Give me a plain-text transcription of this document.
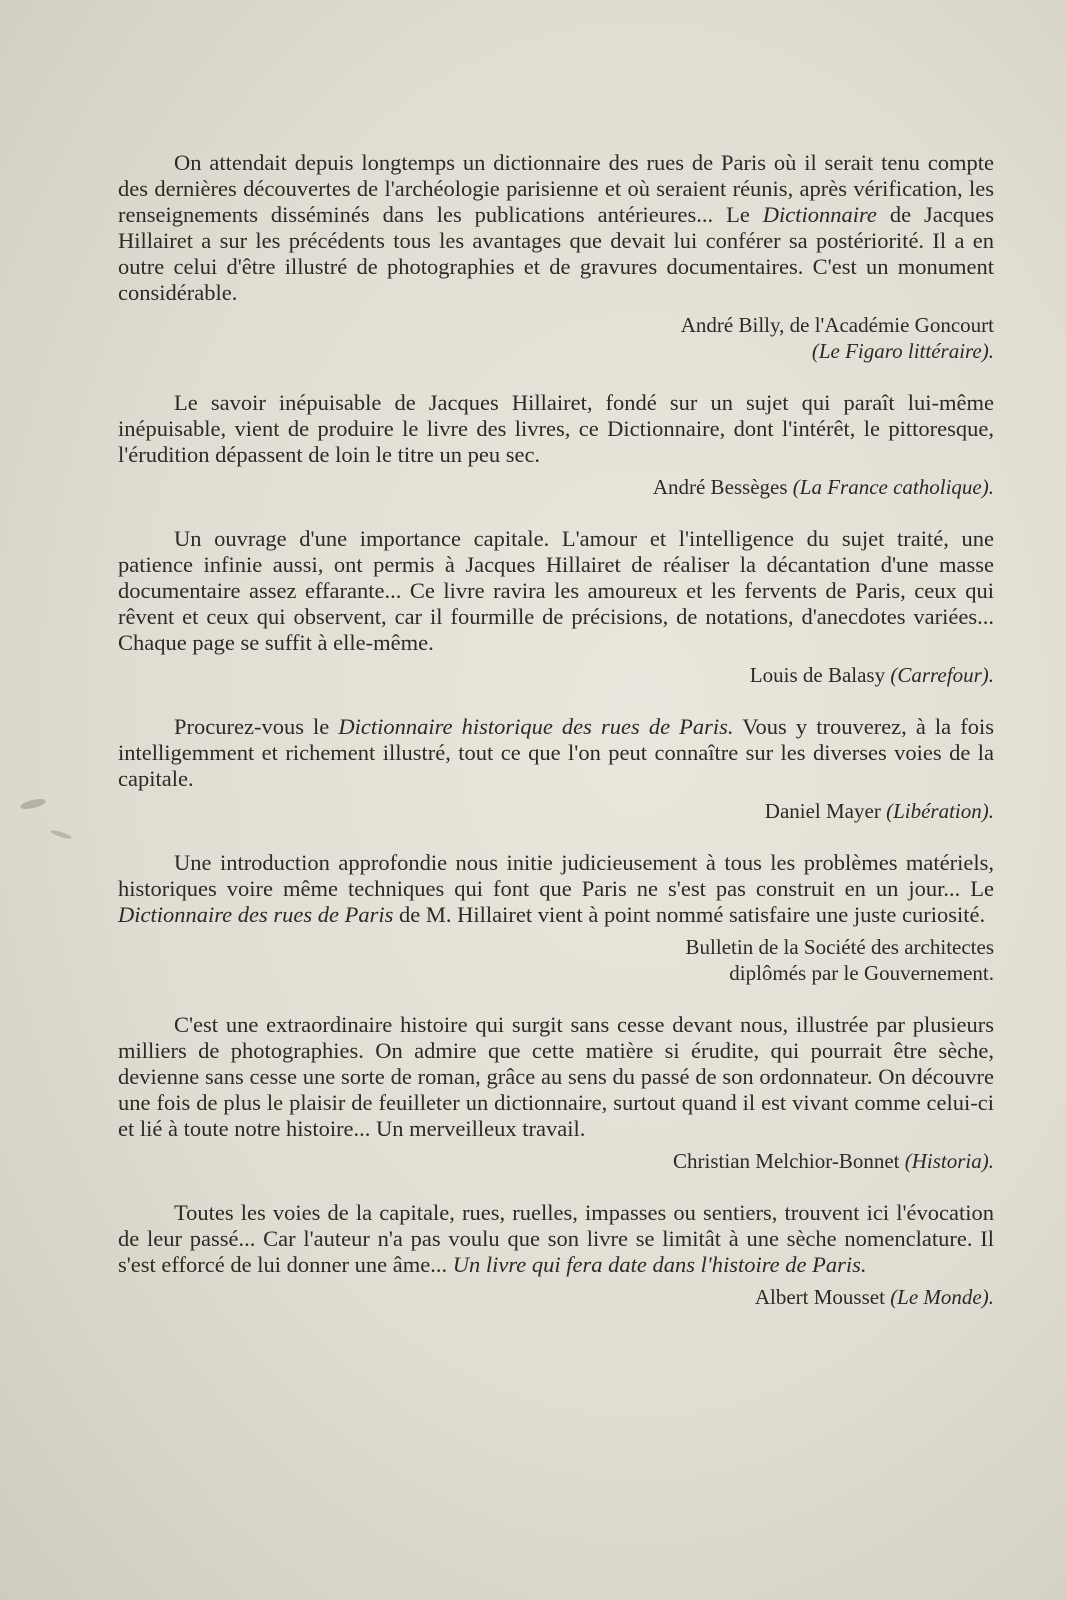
On attendait depuis longtemps un dictionnaire des rues de Paris où il serait tenu compte des dernières découvertes de l'archéologie parisienne et où seraient réunis, après vérification, les renseignements disséminés dans les publications antérieures... Le Dictionnaire de Jacques Hillairet a sur les précédents tous les avantages que devait lui conférer sa postériorité. Il a en outre celui d'être illustré de photographies et de gravures documentaires. C'est un monument considérable.

André Billy, de l'Académie Goncourt
(Le Figaro littéraire).

Le savoir inépuisable de Jacques Hillairet, fondé sur un sujet qui paraît lui-même inépuisable, vient de produire le livre des livres, ce Dictionnaire, dont l'intérêt, le pittoresque, l'érudition dépassent de loin le titre un peu sec.

André Bessèges (La France catholique).

Un ouvrage d'une importance capitale. L'amour et l'intelligence du sujet traité, une patience infinie aussi, ont permis à Jacques Hillairet de réaliser la décantation d'une masse documentaire assez effarante... Ce livre ravira les amoureux et les fervents de Paris, ceux qui rêvent et ceux qui observent, car il fourmille de précisions, de notations, d'anecdotes variées... Chaque page se suffit à elle-même.

Louis de Balasy (Carrefour).

Procurez-vous le Dictionnaire historique des rues de Paris. Vous y trouverez, à la fois intelligemment et richement illustré, tout ce que l'on peut connaître sur les diverses voies de la capitale.

Daniel Mayer (Libération).

Une introduction approfondie nous initie judicieusement à tous les problèmes matériels, historiques voire même techniques qui font que Paris ne s'est pas construit en un jour... Le Dictionnaire des rues de Paris de M. Hillairet vient à point nommé satisfaire une juste curiosité.

Bulletin de la Société des architectes
diplômés par le Gouvernement.

C'est une extraordinaire histoire qui surgit sans cesse devant nous, illustrée par plusieurs milliers de photographies. On admire que cette matière si érudite, qui pourrait être sèche, devienne sans cesse une sorte de roman, grâce au sens du passé de son ordonnateur. On découvre une fois de plus le plaisir de feuilleter un dictionnaire, surtout quand il est vivant comme celui-ci et lié à toute notre histoire... Un merveilleux travail.

Christian Melchior-Bonnet (Historia).

Toutes les voies de la capitale, rues, ruelles, impasses ou sentiers, trouvent ici l'évocation de leur passé... Car l'auteur n'a pas voulu que son livre se limitât à une sèche nomenclature. Il s'est efforcé de lui donner une âme... Un livre qui fera date dans l'histoire de Paris.

Albert Mousset (Le Monde).
